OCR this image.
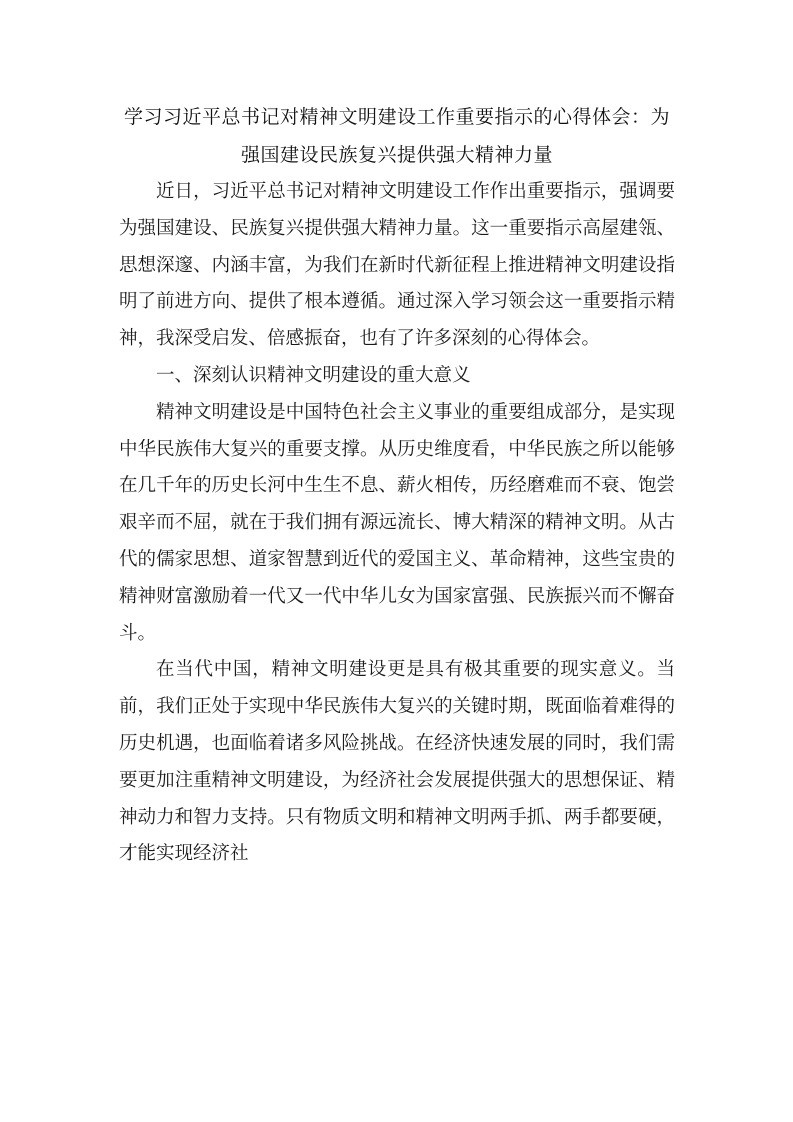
学习习近平总书记对精神文明建设工作重要指示的心得体会：为强国建设民族复兴提供强大精神力量

近日，习近平总书记对精神文明建设工作作出重要指示，强调要为强国建设、民族复兴提供强大精神力量。这一重要指示高屋建瓴、思想深邃、内涵丰富，为我们在新时代新征程上推进精神文明建设指明了前进方向、提供了根本遵循。通过深入学习领会这一重要指示精神，我深受启发、倍感振奋，也有了许多深刻的心得体会。

一、深刻认识精神文明建设的重大意义

精神文明建设是中国特色社会主义事业的重要组成部分，是实现中华民族伟大复兴的重要支撑。从历史维度看，中华民族之所以能够在几千年的历史长河中生生不息、薪火相传，历经磨难而不衰、饱尝艰辛而不屈，就在于我们拥有源远流长、博大精深的精神文明。从古代的儒家思想、道家智慧到近代的爱国主义、革命精神，这些宝贵的精神财富激励着一代又一代中华儿女为国家富强、民族振兴而不懈奋斗。

在当代中国，精神文明建设更是具有极其重要的现实意义。当前，我们正处于实现中华民族伟大复兴的关键时期，既面临着难得的历史机遇，也面临着诸多风险挑战。在经济快速发展的同时，我们需要更加注重精神文明建设，为经济社会发展提供强大的思想保证、精神动力和智力支持。只有物质文明和精神文明两手抓、两手都要硬，才能实现经济社
